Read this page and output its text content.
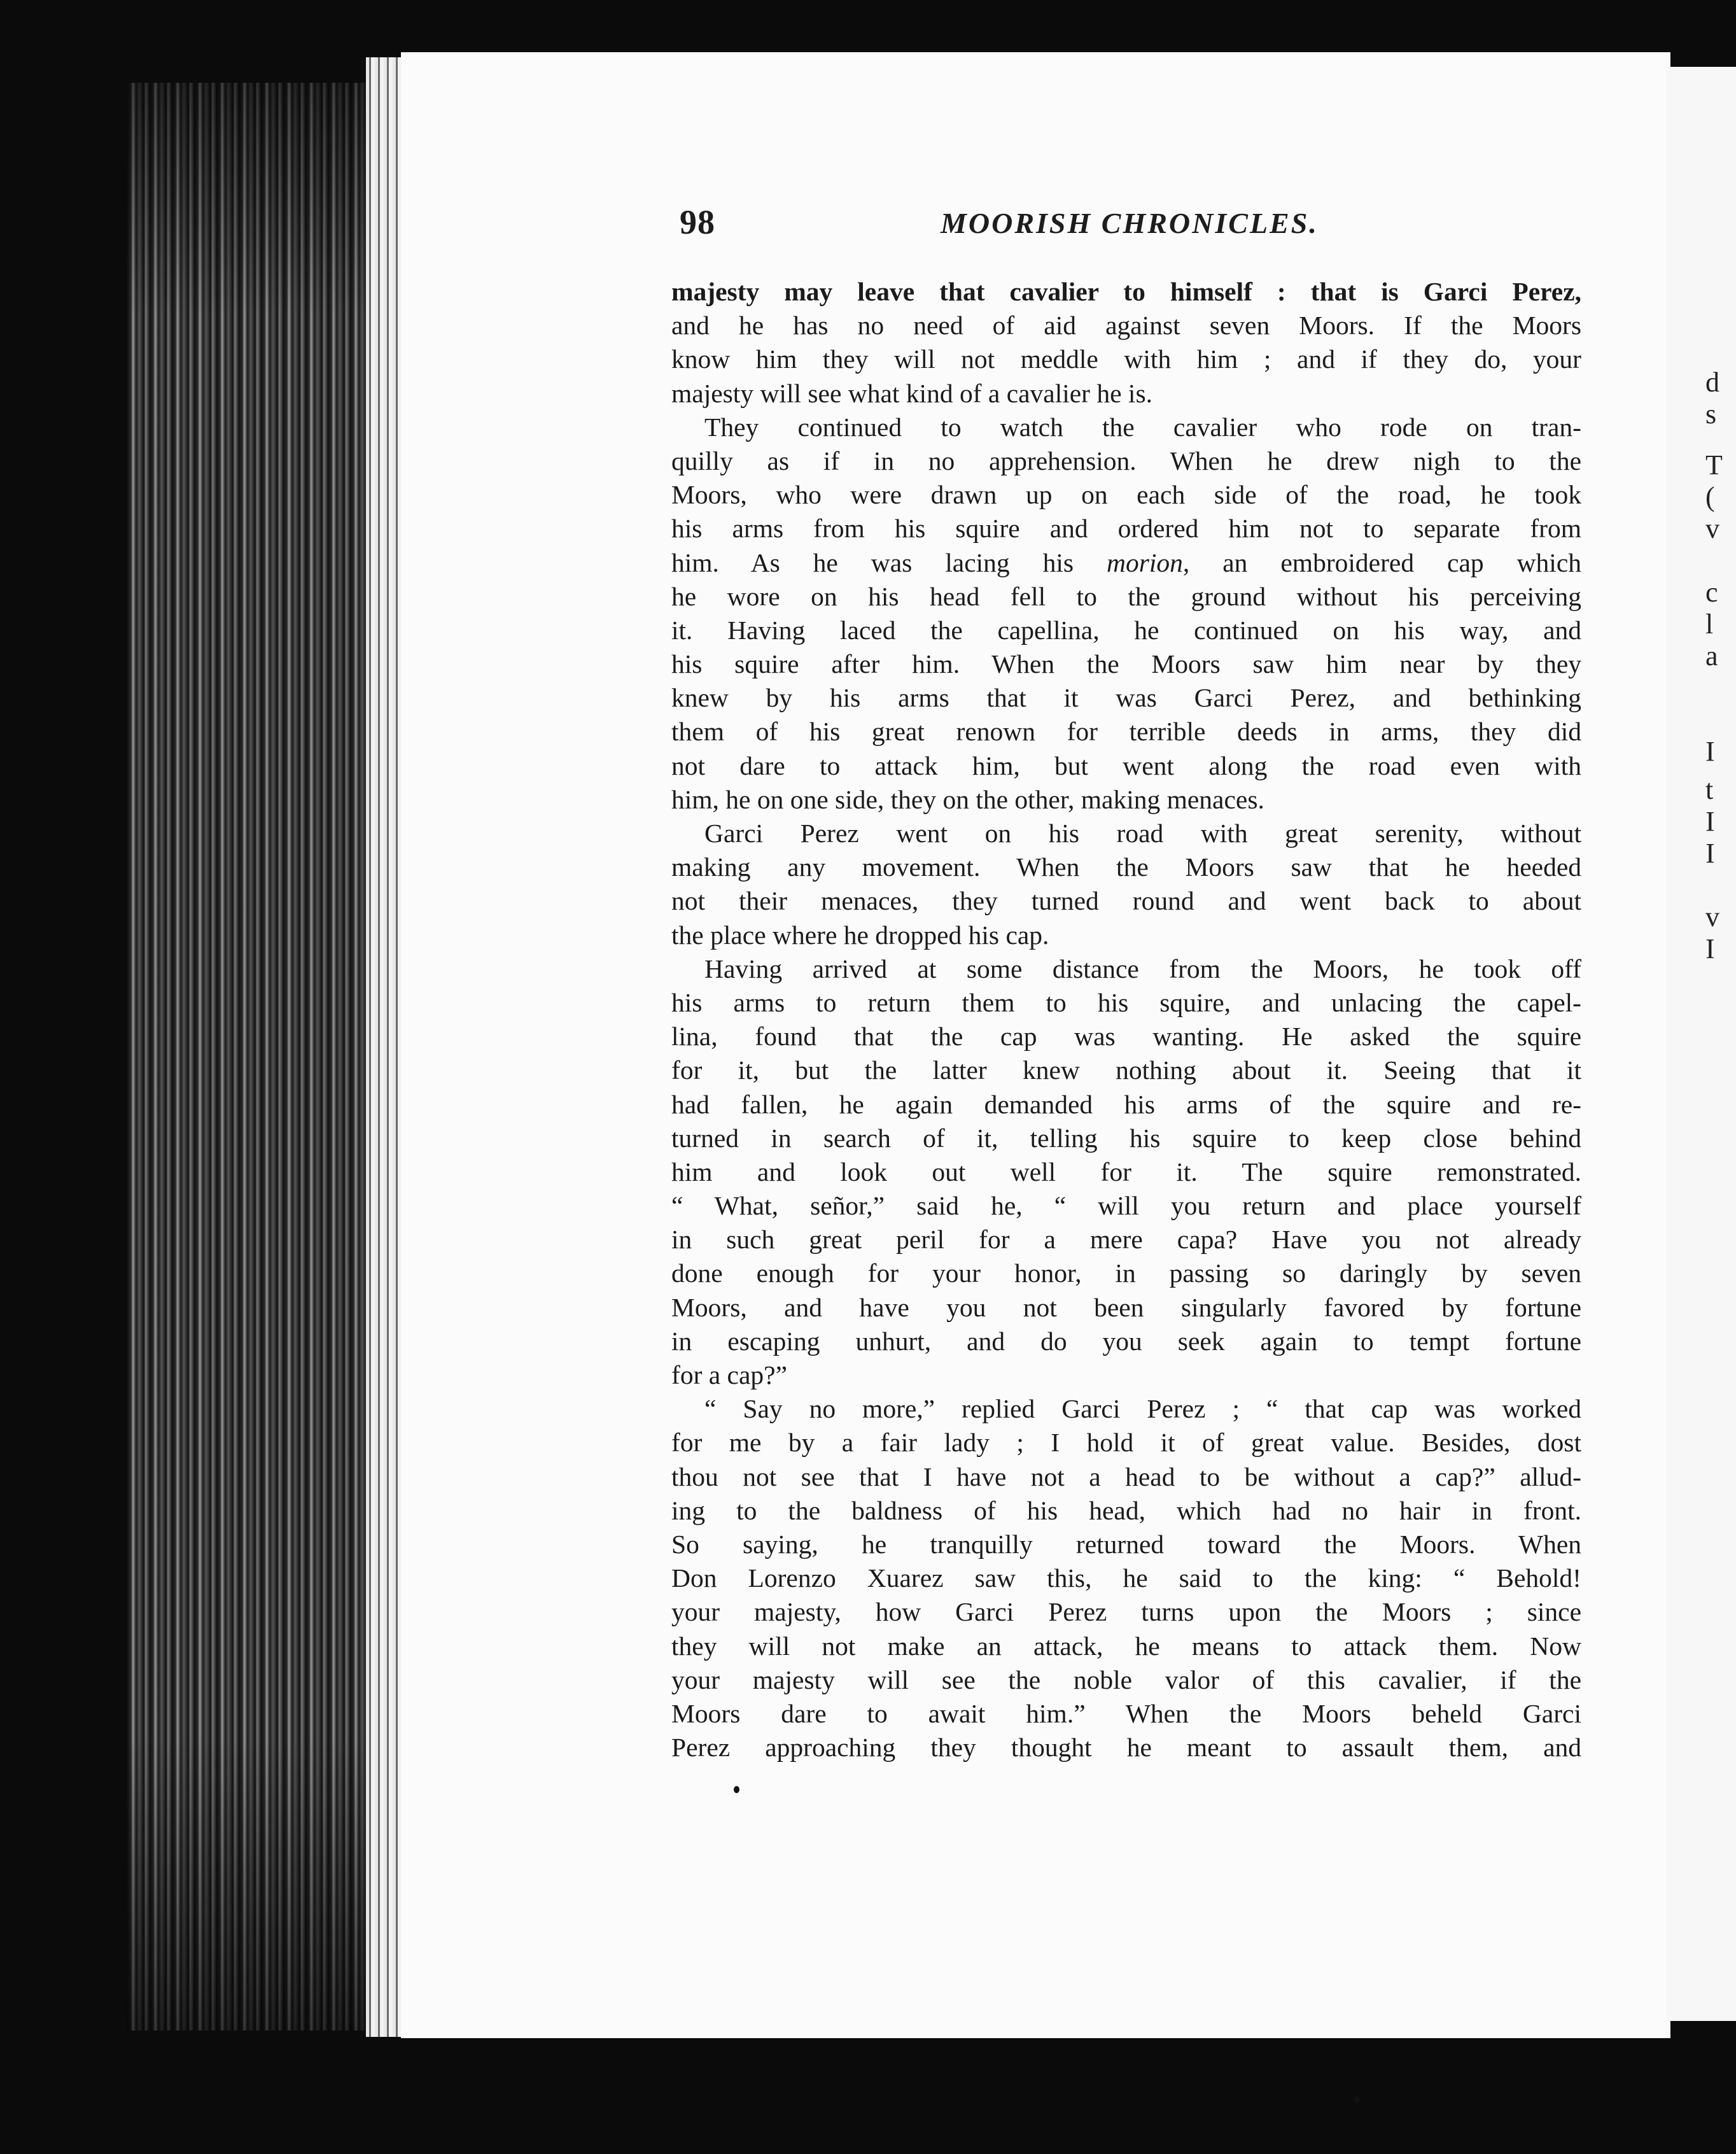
d
s
T
(
v
c
l
a
I
t
I
I
v
I
98	MOORISH CHRONICLES.
majesty may leave that cavalier to himself : that is Garci Perez,
and he has no need of aid against seven Moors. If the Moors
know him they will not meddle with him ; and if they do, your
majesty will see what kind of a cavalier he is.
They continued to watch the cavalier who rode on tran-
quilly as if in no apprehension. When he drew nigh to the
Moors, who were drawn up on each side of the road, he took
his arms from his squire and ordered him not to separate from
him. As he was lacing his morion, an embroidered cap which
he wore on his head fell to the ground without his perceiving
it. Having laced the capellina, he continued on his way, and
his squire after him. When the Moors saw him near by they
knew by his arms that it was Garci Perez, and bethinking
them of his great renown for terrible deeds in arms, they did
not dare to attack him, but went along the road even with
him, he on one side, they on the other, making menaces.
Garci Perez went on his road with great serenity, without
making any movement. When the Moors saw that he heeded
not their menaces, they turned round and went back to about
the place where he dropped his cap.
Having arrived at some distance from the Moors, he took off
his arms to return them to his squire, and unlacing the capel-
lina, found that the cap was wanting. He asked the squire
for it, but the latter knew nothing about it. Seeing that it
had fallen, he again demanded his arms of the squire and re-
turned in search of it, telling his squire to keep close behind
him and look out well for it. The squire remonstrated.
“ What, señor,” said he, “ will you return and place yourself
in such great peril for a mere capa? Have you not already
done enough for your honor, in passing so daringly by seven
Moors, and have you not been singularly favored by fortune
in escaping unhurt, and do you seek again to tempt fortune
for a cap?”
“ Say no more,” replied Garci Perez ; “ that cap was worked
for me by a fair lady ; I hold it of great value. Besides, dost
thou not see that I have not a head to be without a cap?” allud-
ing to the baldness of his head, which had no hair in front.
So saying, he tranquilly returned toward the Moors. When
Don Lorenzo Xuarez saw this, he said to the king: “ Behold!
your majesty, how Garci Perez turns upon the Moors ; since
they will not make an attack, he means to attack them. Now
your majesty will see the noble valor of this cavalier, if the
Moors dare to await him.” When the Moors beheld Garci
Perez approaching they thought he meant to assault them, and
